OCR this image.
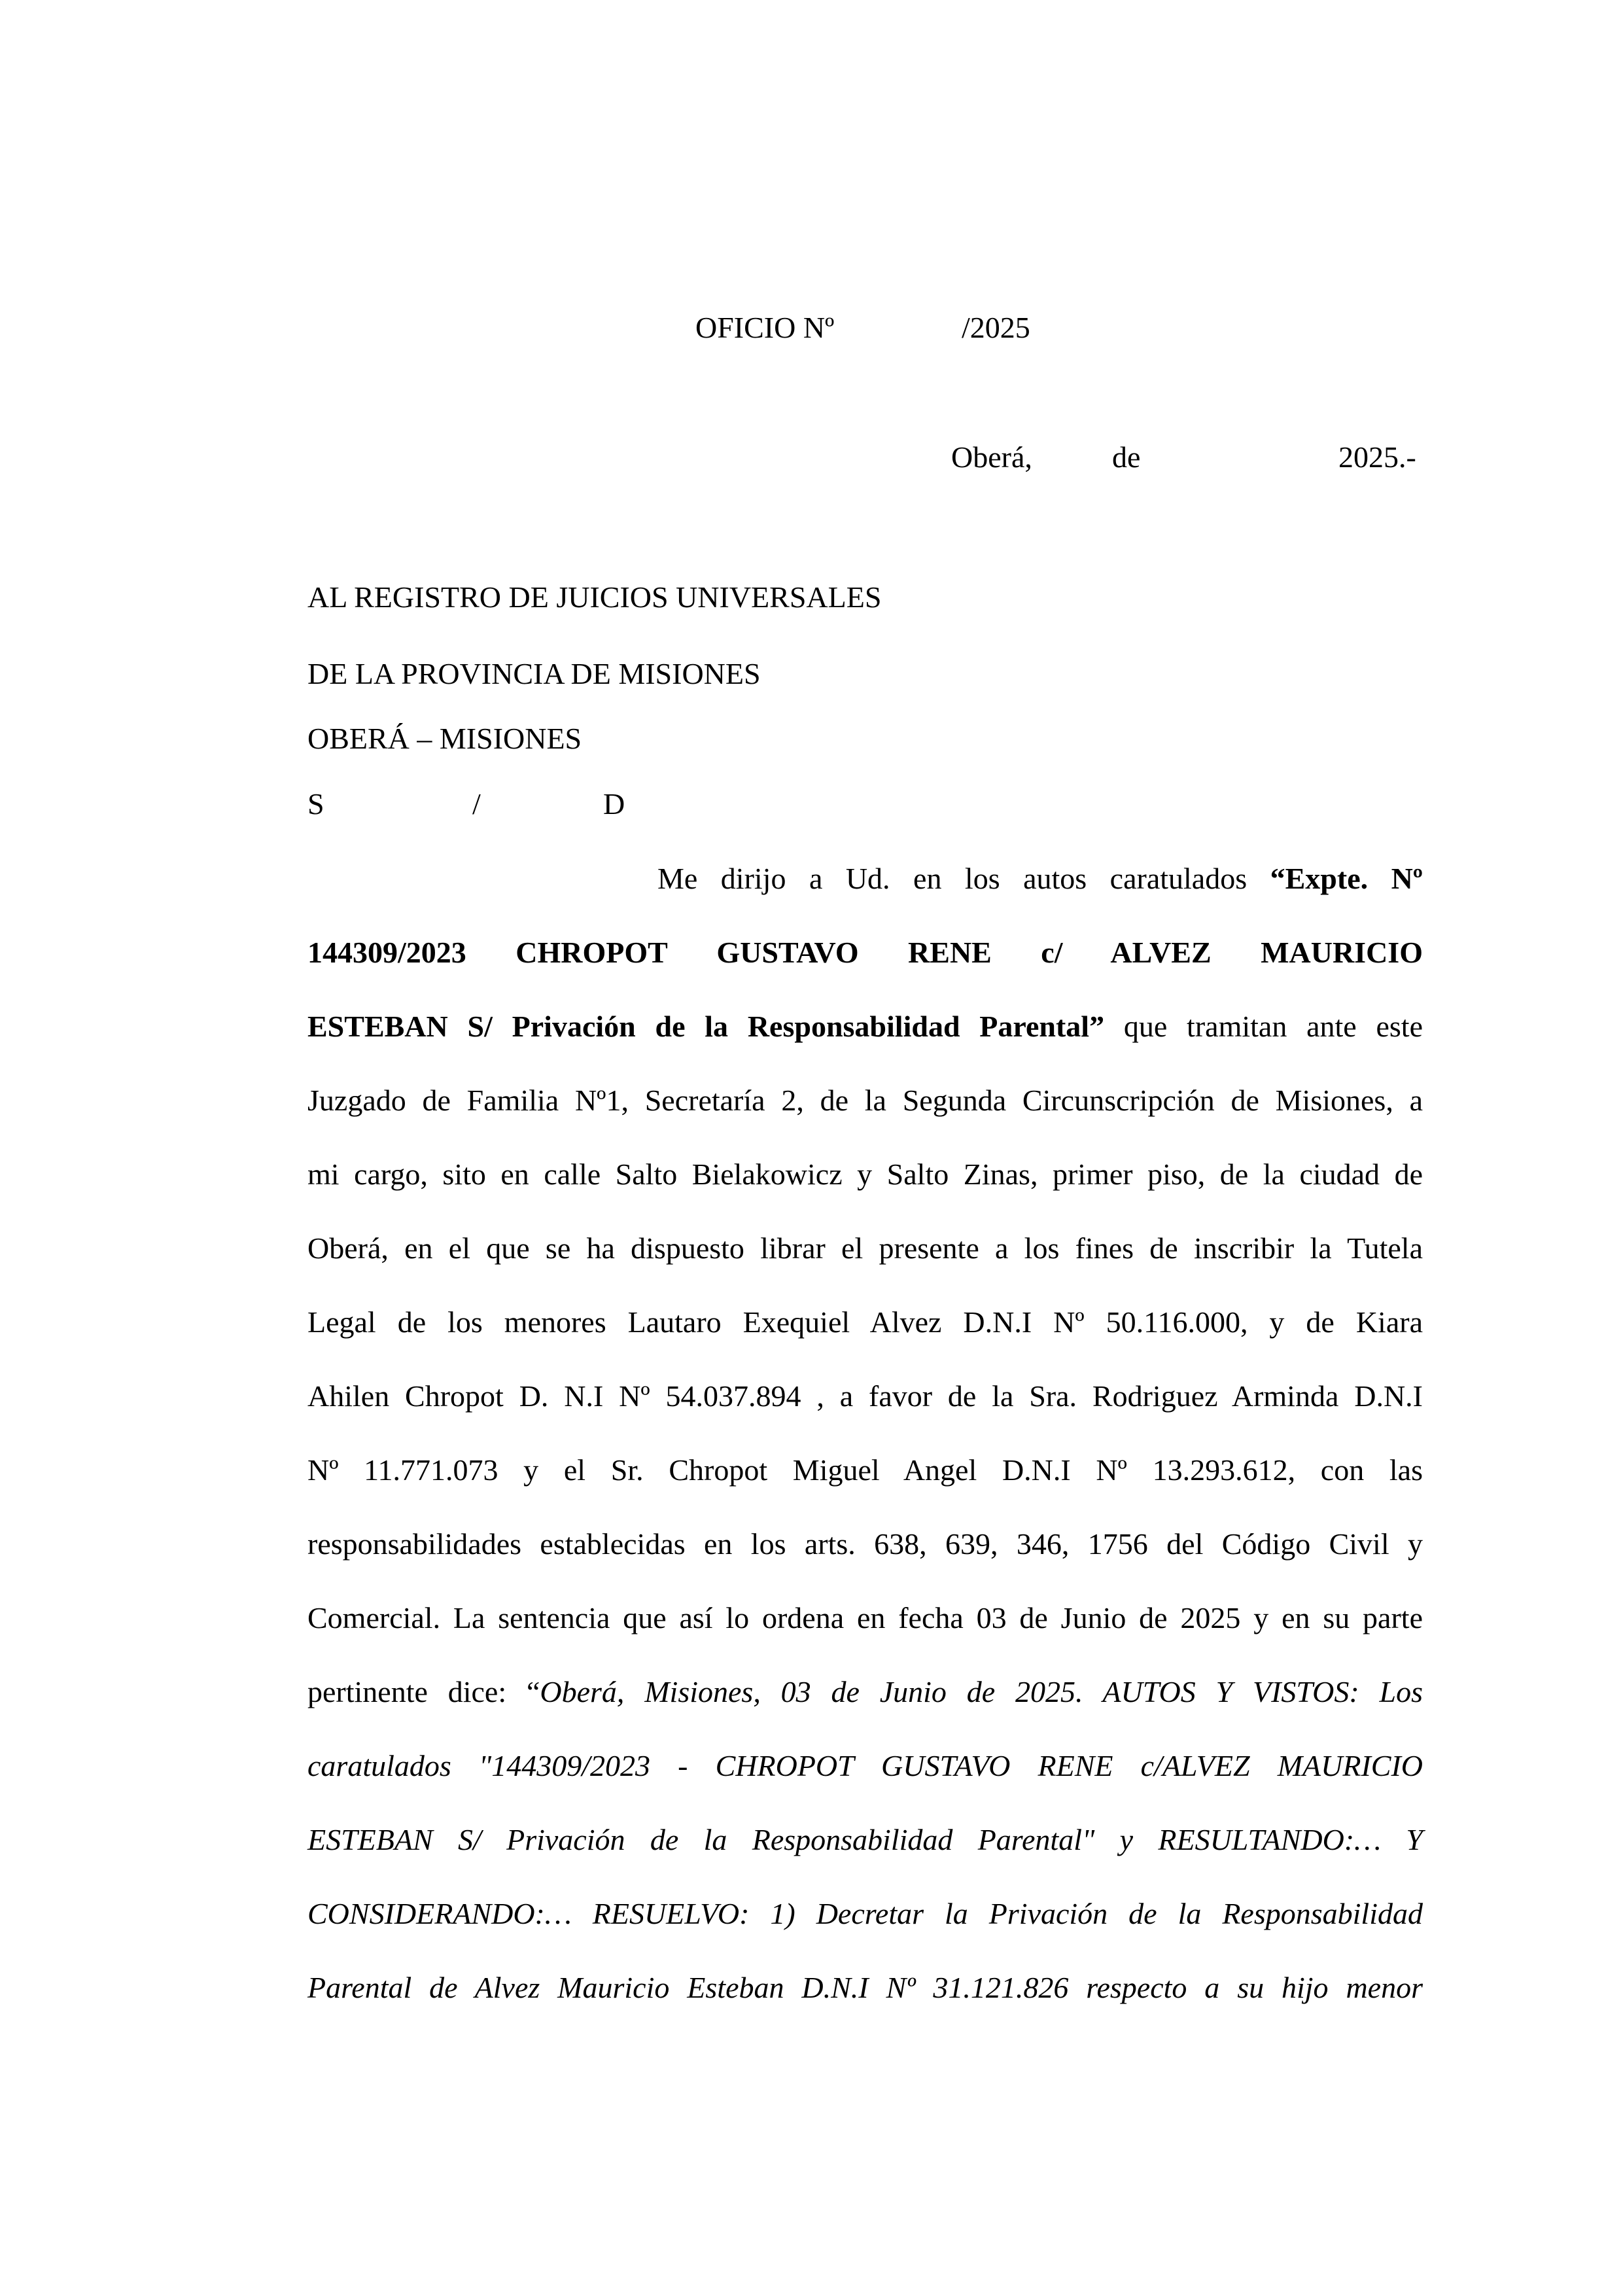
OFICIO Nº	/2025
Oberá,	de	2025.-
AL REGISTRO DE JUICIOS UNIVERSALES
DE LA PROVINCIA DE MISIONES
OBERÁ – MISIONES
S	/	D
Me dirijo a Ud. en los autos caratulados “Expte. Nº
144309/2023 CHROPOT GUSTAVO RENE c/ ALVEZ MAURICIO
ESTEBAN S/ Privación de la Responsabilidad Parental” que tramitan ante este
Juzgado de Familia Nº1, Secretaría 2, de la Segunda Circunscripción de Misiones, a
mi cargo, sito en calle Salto Bielakowicz y Salto Zinas, primer piso, de la ciudad de
Oberá, en el que se ha dispuesto librar el presente a los fines de inscribir la Tutela
Legal de los menores Lautaro Exequiel Alvez D.N.I Nº 50.116.000, y de Kiara
Ahilen Chropot D. N.I Nº 54.037.894 , a favor de la Sra. Rodriguez Arminda D.N.I
Nº 11.771.073 y el Sr. Chropot Miguel Angel D.N.I Nº 13.293.612, con las
responsabilidades establecidas en los arts. 638, 639, 346, 1756 del Código Civil y
Comercial. La sentencia que así lo ordena en fecha 03 de Junio de 2025 y en su parte
pertinente dice: “Oberá, Misiones, 03 de Junio de 2025. AUTOS Y VISTOS: Los
caratulados "144309/2023 - CHROPOT GUSTAVO RENE c/ALVEZ MAURICIO
ESTEBAN S/ Privación de la Responsabilidad Parental" y RESULTANDO:… Y
CONSIDERANDO:… RESUELVO: 1) Decretar la Privación de la Responsabilidad
Parental de Alvez Mauricio Esteban D.N.I Nº 31.121.826 respecto a su hijo menor
